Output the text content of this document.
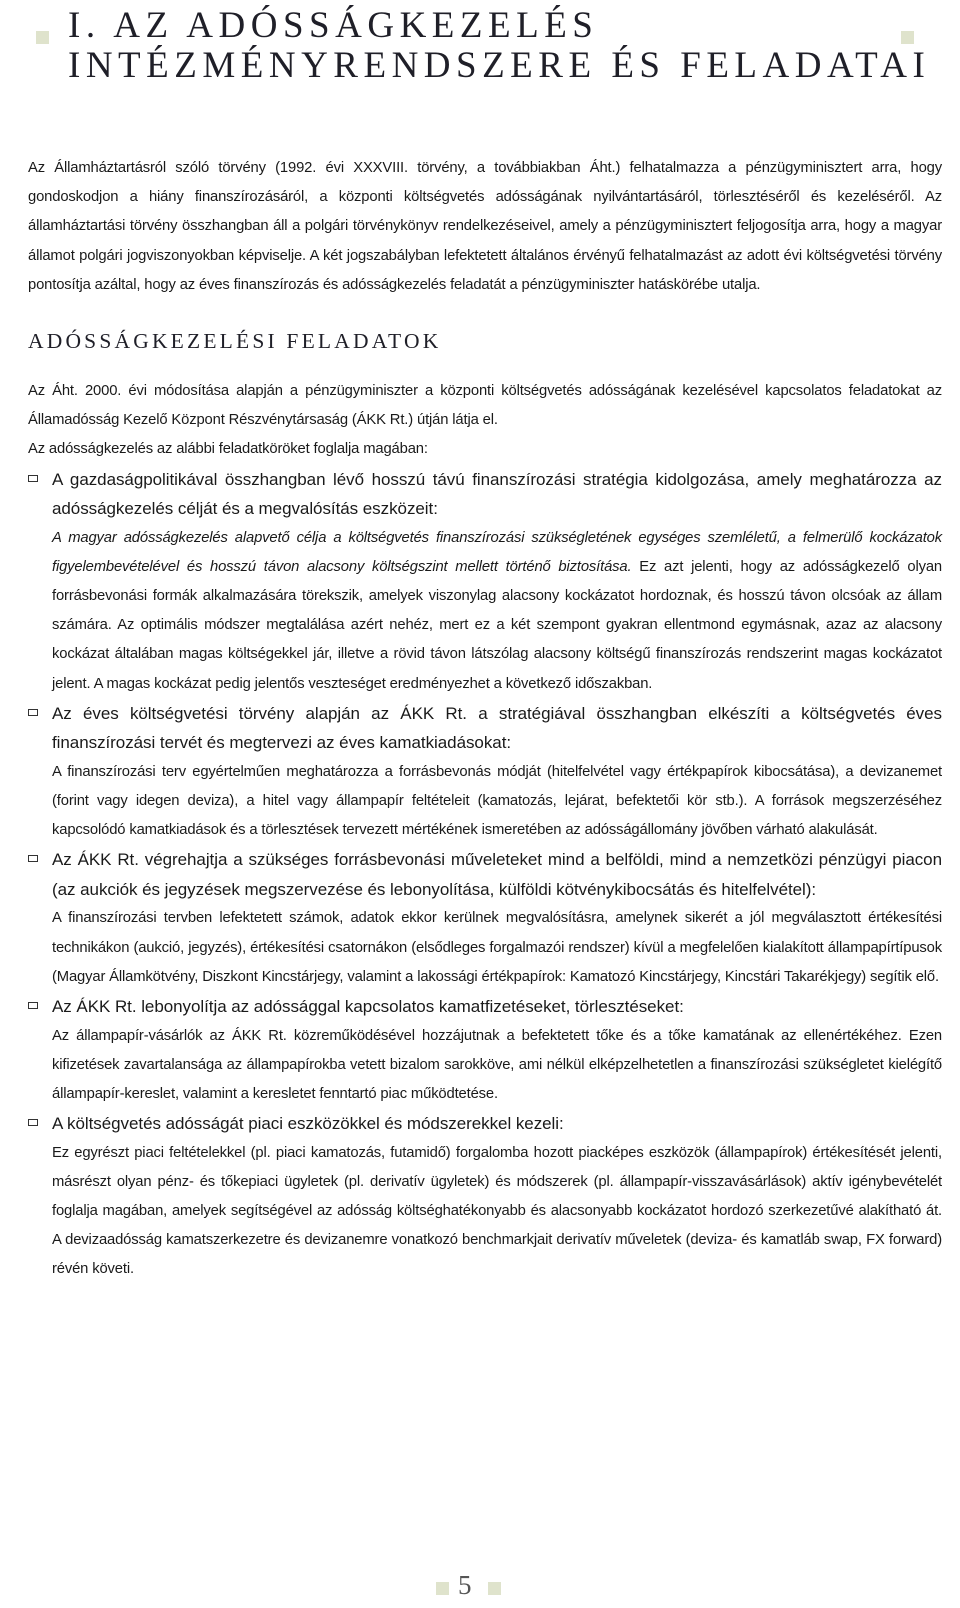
I. AZ ADÓSSÁGKEZELÉS
INTÉZMÉNYRENDSZERE ÉS FELADATAI

Az Államháztartásról szóló törvény (1992. évi XXXVIII. törvény, a továbbiakban Áht.) felhatalmazza a pénzügyminisztert arra, hogy gondoskodjon a hiány finanszírozásáról, a központi költségvetés adósságának nyilvántartásáról, törlesztéséről és kezeléséről. Az államháztartási törvény összhangban áll a polgári törvénykönyv rendelkezéseivel, amely a pénzügyminisztert feljogosítja arra, hogy a magyar államot polgári jogviszonyokban képviselje. A két jogszabályban lefektetett általános érvényű felhatalmazást az adott évi költségvetési törvény pontosítja azáltal, hogy az éves finanszírozás és adósságkezelés feladatát a pénzügyminiszter hatáskörébe utalja.

ADÓSSÁGKEZELÉSI FELADATOK

Az Áht. 2000. évi módosítása alapján a pénzügyminiszter a központi költségvetés adósságának kezelésével kapcsolatos feladatokat az Államadósság Kezelő Központ Részvénytársaság (ÁKK Rt.) útján látja el.

Az adósságkezelés az alábbi feladatköröket foglalja magában:

A gazdaságpolitikával összhangban lévő hosszú távú finanszírozási stratégia kidolgozása, amely meghatározza az adósságkezelés célját és a megvalósítás eszközeit:
A magyar adósságkezelés alapvető célja a költségvetés finanszírozási szükségletének egységes szemléletű, a felmerülő kockázatok figyelembevételével és hosszú távon alacsony költségszint mellett történő biztosítása. Ez azt jelenti, hogy az adósságkezelő olyan forrásbevonási formák alkalmazására törekszik, amelyek viszonylag alacsony kockázatot hordoznak, és hosszú távon olcsóak az állam számára. Az optimális módszer megtalálása azért nehéz, mert ez a két szempont gyakran ellentmond egymásnak, azaz az alacsony kockázat általában magas költségekkel jár, illetve a rövid távon látszólag alacsony költségű finanszírozás rendszerint magas kockázatot jelent. A magas kockázat pedig jelentős veszteséget eredményezhet a következő időszakban.
Az éves költségvetési törvény alapján az ÁKK Rt. a stratégiával összhangban elkészíti a költségvetés éves finanszírozási tervét és megtervezi az éves kamatkiadásokat:
A finanszírozási terv egyértelműen meghatározza a forrásbevonás módját (hitelfelvétel vagy értékpapírok kibocsátása), a devizanemet (forint vagy idegen deviza), a hitel vagy állampapír feltételeit (kamatozás, lejárat, befektetői kör stb.). A források megszerzéséhez kapcsolódó kamatkiadások és a törlesztések tervezett mértékének ismeretében az adósságállomány jövőben várható alakulását.
Az ÁKK Rt. végrehajtja a szükséges forrásbevonási műveleteket mind a belföldi, mind a nemzetközi pénzügyi piacon (az aukciók és jegyzések megszervezése és lebonyolítása, külföldi kötvénykibocsátás és hitelfelvétel):
A finanszírozási tervben lefektetett számok, adatok ekkor kerülnek megvalósításra, amelynek sikerét a jól megválasztott értékesítési technikákon (aukció, jegyzés), értékesítési csatornákon (elsődleges forgalmazói rendszer) kívül a megfelelően kialakított állampapírtípusok (Magyar Államkötvény, Diszkont Kincstárjegy, valamint a lakossági értékpapírok: Kamatozó Kincstárjegy, Kincstári Takarékjegy) segítik elő.
Az ÁKK Rt. lebonyolítja az adóssággal kapcsolatos kamatfizetéseket, törlesztéseket:
Az állampapír-vásárlók az ÁKK Rt. közreműködésével hozzájutnak a befektetett tőke és a tőke kamatának az ellenértékéhez. Ezen kifizetések zavartalansága az állampapírokba vetett bizalom sarokköve, ami nélkül elképzelhetetlen a finanszírozási szükségletet kielégítő állampapír-kereslet, valamint a keresletet fenntartó piac működtetése.
A költségvetés adósságát piaci eszközökkel és módszerekkel kezeli:
Ez egyrészt piaci feltételekkel (pl. piaci kamatozás, futamidő) forgalomba hozott piacképes eszközök (állampapírok) értékesítését jelenti, másrészt olyan pénz- és tőkepiaci ügyletek (pl. derivatív ügyletek) és módszerek (pl. állampapír-visszavásárlások) aktív igénybevételét foglalja magában, amelyek segítségével az adósság költséghatékonyabb és alacsonyabb kockázatot hordozó szerkezetűvé alakítható át. A devizaadósság kamatszerkezetre és devizanemre vonatkozó benchmarkjait derivatív műveletek (deviza- és kamatláb swap, FX forward) révén követi.
5
